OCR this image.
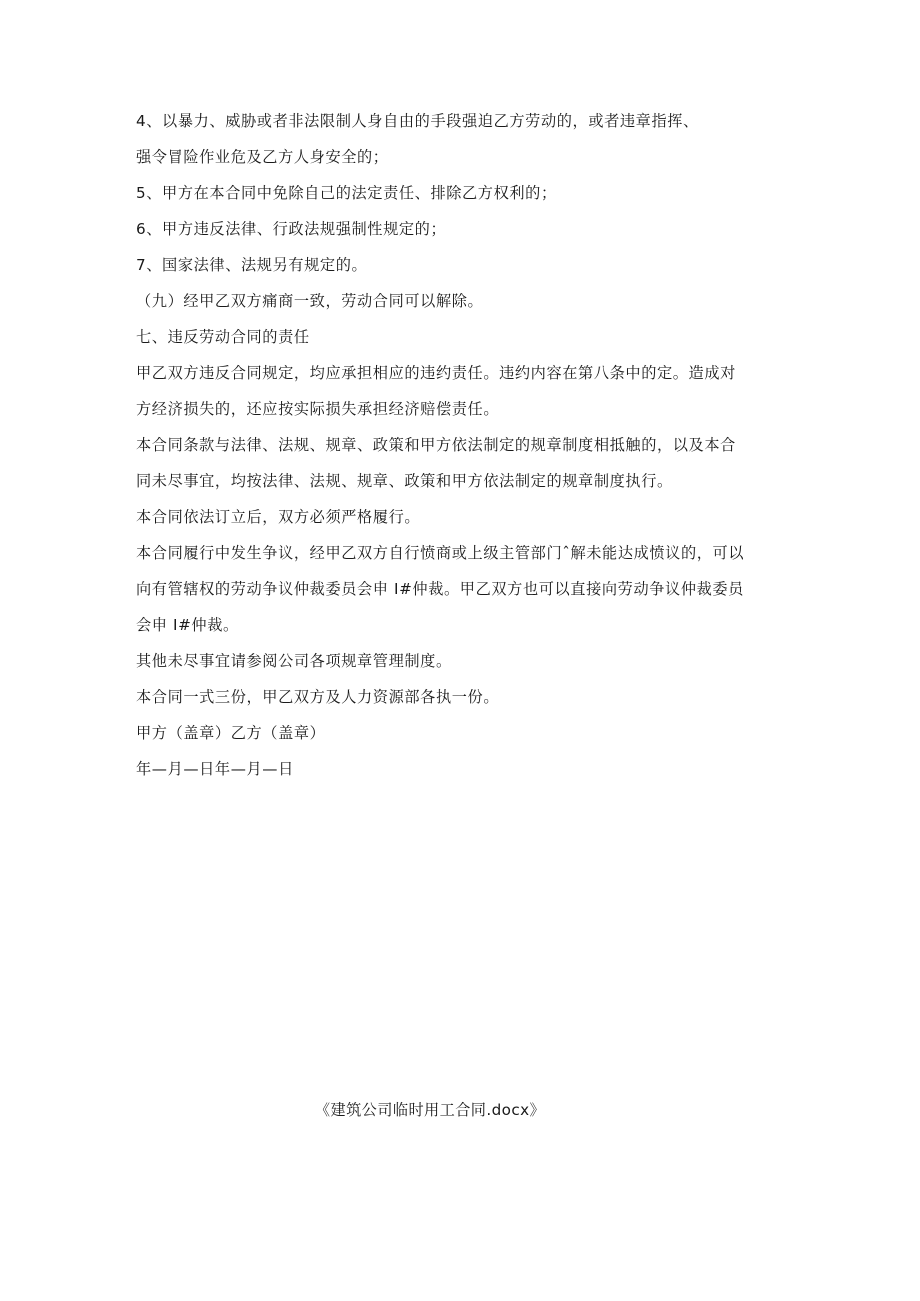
4、以暴力、威胁或者非法限制人身自由的手段强迫乙方劳动的，或者违章指挥、
强令冒险作业危及乙方人身安全的；
5、甲方在本合同中免除自己的法定责任、排除乙方权利的；
6、甲方违反法律、行政法规强制性规定的；
7、国家法律、法规另有规定的。
（九）经甲乙双方痛商一致，劳动合同可以解除。
七、违反劳动合同的责任
甲乙双方违反合同规定，均应承担相应的违约责任。违约内容在第八条中的定。造成对
方经济损失的，还应按实际损失承担经济赔偿责任。
本合同条款与法律、法规、规章、政策和甲方依法制定的规章制度相抵触的，以及本合
同未尽事宜，均按法律、法规、规章、政策和甲方依法制定的规章制度执行。
本合同依法订立后，双方必须严格履行。
本合同履行中发生争议，经甲乙双方自行愤商或上级主管部门ˆ解未能达成愤议的，可以
向有管辖权的劳动争议仲裁委员会申 I#仲裁。甲乙双方也可以直接向劳动争议仲裁委员
会申 I#仲裁。
其他未尽事宜请参阅公司各项规章管理制度。
本合同一式三份，甲乙双方及人力资源部各执一份。
甲方（盖章）乙方（盖章）
年—月—日年—月—日
《建筑公司临时用工合同.docx》
